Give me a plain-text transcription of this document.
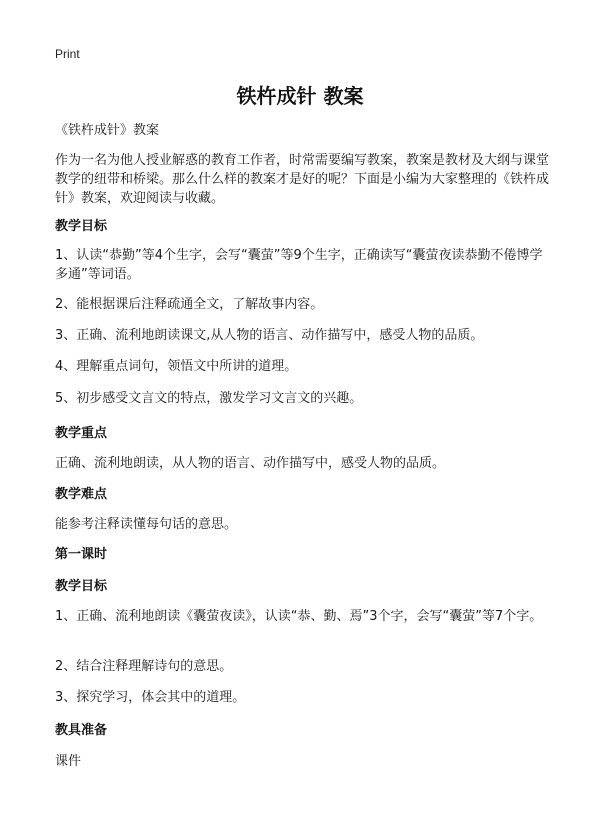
Print
铁杵成针 教案
《铁杵成针》教案
作为一名为他人授业解惑的教育工作者，时常需要编写教案，教案是教材及大纲与课堂教学的纽带和桥梁。那么什么样的教案才是好的呢？下面是小编为大家整理的《铁杵成针》教案，欢迎阅读与收藏。
教学目标
1、认读“恭勤”等4个生字，会写“囊萤”等9个生字，正确读写“囊萤夜读恭勤不倦博学多通”等词语。
2、能根据课后注释疏通全文，了解故事内容。
3、正确、流利地朗读课文,从人物的语言、动作描写中，感受人物的品质。
4、理解重点词句，领悟文中所讲的道理。
5、初步感受文言文的特点，激发学习文言文的兴趣。
教学重点
正确、流利地朗读，从人物的语言、动作描写中，感受人物的品质。
教学难点
能参考注释读懂每句话的意思。
第一课时
教学目标
1、正确、流利地朗读《囊萤夜读》，认读“恭、勤、焉”3个字，会写“囊萤”等7个字。
2、结合注释理解诗句的意思。
3、探究学习，体会其中的道理。
教具准备
课件
